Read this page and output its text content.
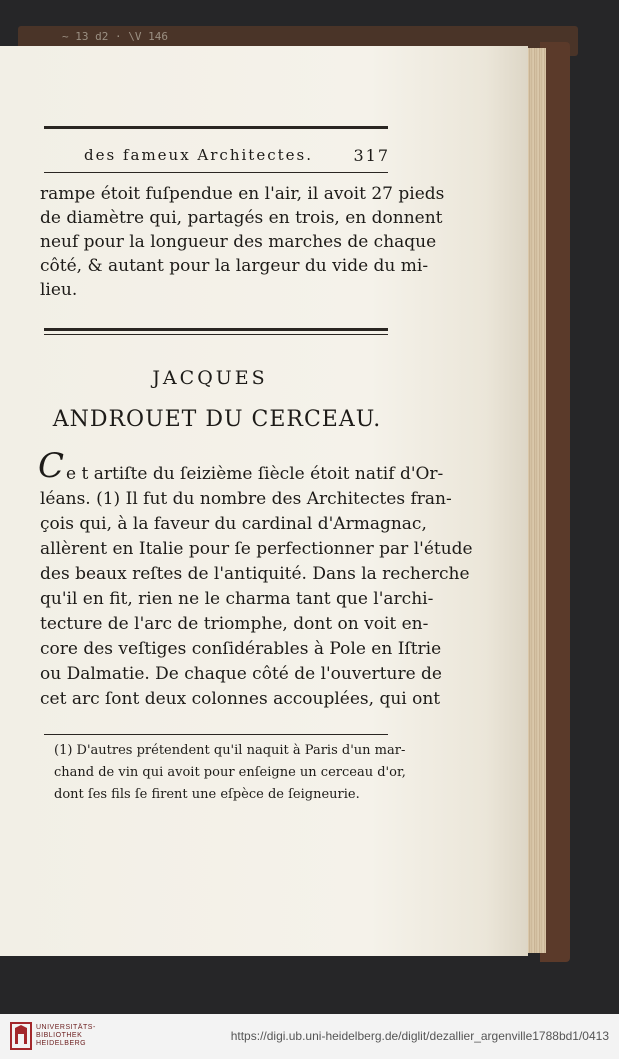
~ 13 d2 · \V 146
des fameux Architectes.	317
rampe étoit fuſpendue en l'air, il avoit 27 pieds
de diamètre qui, partagés en trois, en donnent
neuf pour la longueur des marches de chaque
côté, & autant pour la largeur du vide du mi-
lieu.
JACQUES
ANDROUET DU CERCEAU.
C e t artiſte du ſeizième ſiècle étoit natif d'Or-
léans. (1) Il fut du nombre des Architectes fran-
çois qui, à la faveur du cardinal d'Armagnac,
allèrent en Italie pour ſe perfectionner par l'étude
des beaux reſtes de l'antiquité. Dans la recherche
qu'il en fit, rien ne le charma tant que l'archi-
tecture de l'arc de triomphe, dont on voit en-
core des veſtiges conſidérables à Pole en Iſtrie
ou Dalmatie. De chaque côté de l'ouverture de
cet arc ſont deux colonnes accouplées, qui ont
(1) D'autres prétendent qu'il naquit à Paris d'un mar-
chand de vin qui avoit pour enſeigne un cerceau d'or,
dont ſes fils ſe firent une eſpèce de ſeigneurie.
UNIVERSITÄTS-
BIBLIOTHEK
HEIDELBERG
https://digi.ub.uni-heidelberg.de/diglit/dezallier_argenville1788bd1/0413
